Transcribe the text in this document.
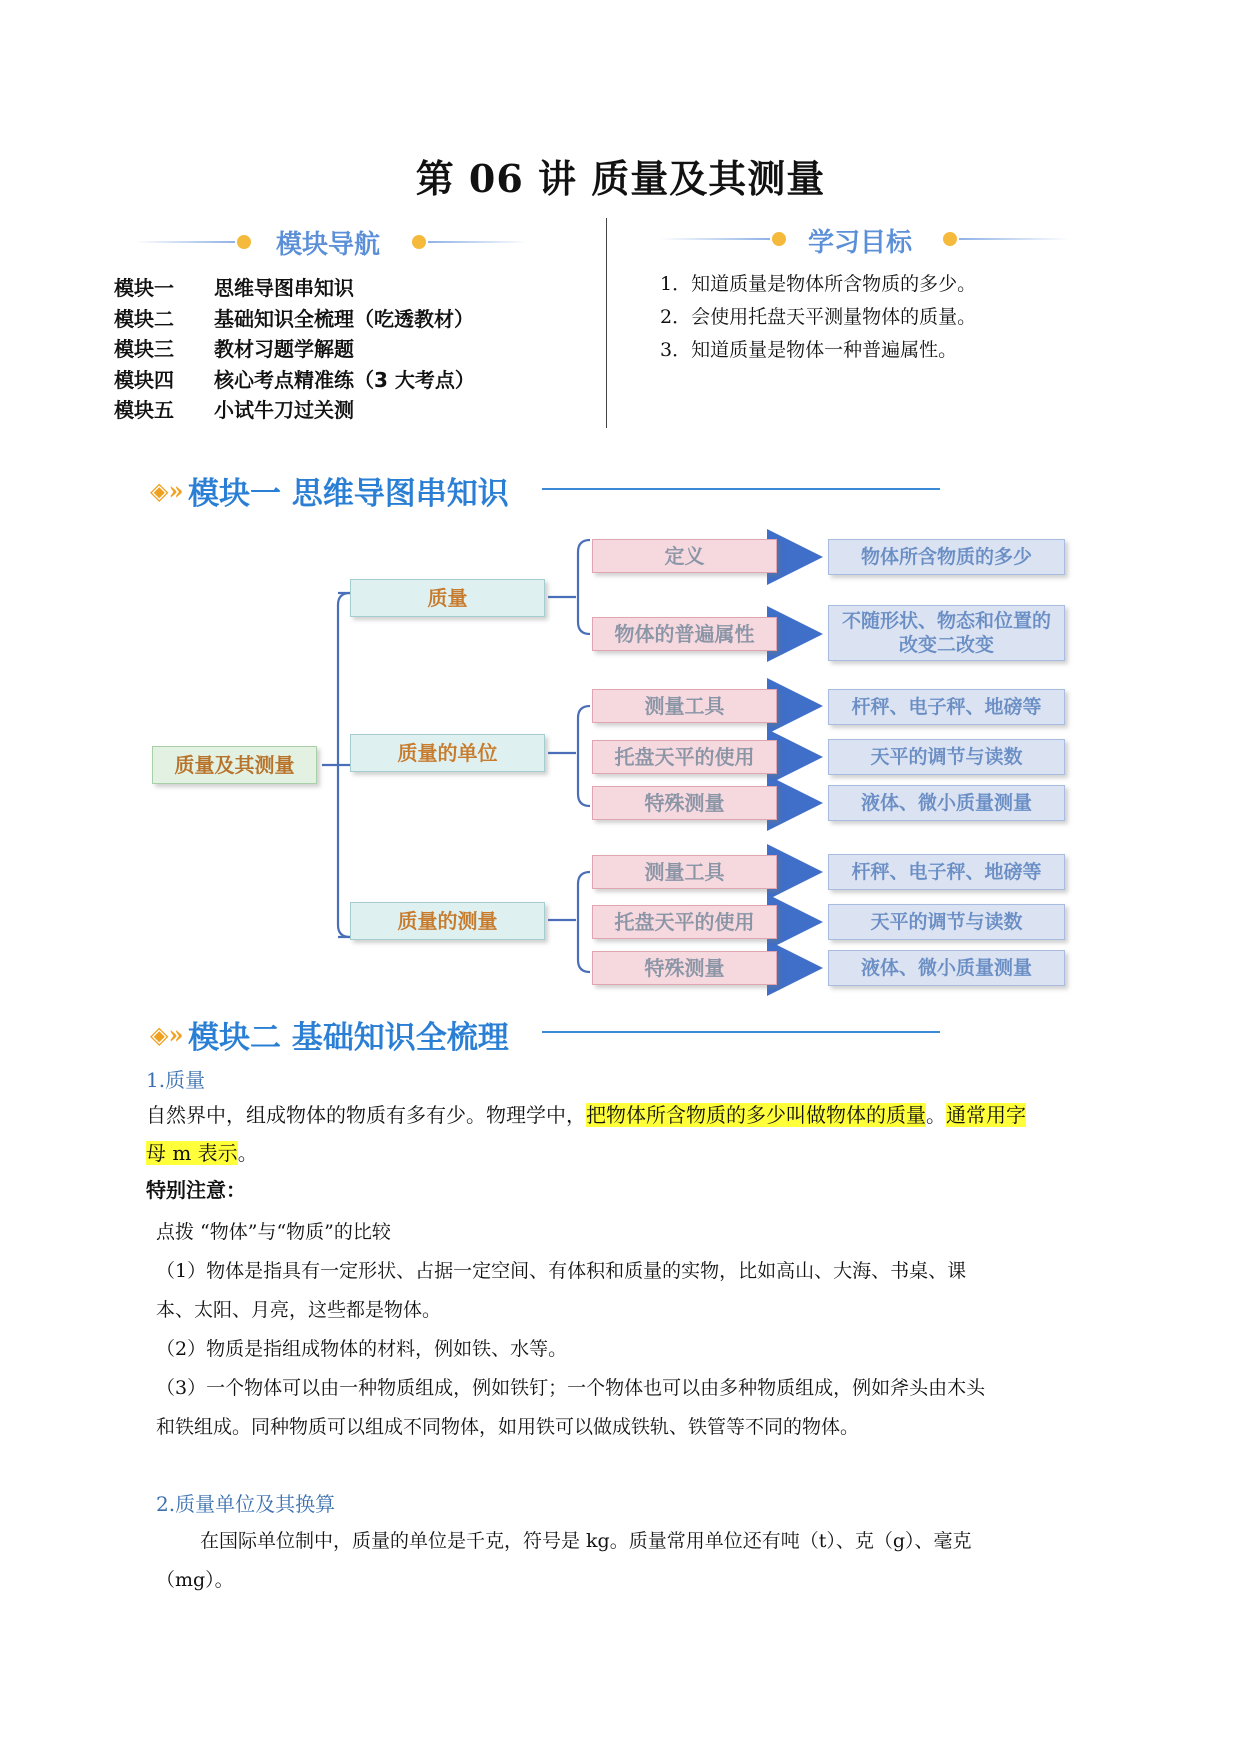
第 06 讲 质量及其测量
模块导航	学习目标
模块一 思维导图串知识
模块二 基础知识全梳理（吃透教材）
模块三 教材习题学解题
模块四 核心考点精准练（3 大考点）
模块五 小试牛刀过关测
1．知道质量是物体所含物质的多少。
2．会使用托盘天平测量物体的质量。
3．知道质量是物体一种普遍属性。
◈» 模块一 思维导图串知识
质量及其测量
质量
质量的单位
质量的测量
定义
物体的普遍属性
测量工具
托盘天平的使用
特殊测量
测量工具
托盘天平的使用
特殊测量
物体所含物质的多少
不随形状、物态和位置的改变二改变
杆秤、电子秤、地磅等
天平的调节与读数
液体、微小质量测量
杆秤、电子秤、地磅等
天平的调节与读数
液体、微小质量测量
◈» 模块二 基础知识全梳理
1.质量
自然界中，组成物体的物质有多有少。物理学中，把物体所含物质的多少叫做物体的质量。通常用字
母 m 表示。
特别注意：
点拨 “物体”与“物质”的比较
（1）物体是指具有一定形状、占据一定空间、有体积和质量的实物，比如高山、大海、书桌、课
本、太阳、月亮，这些都是物体。
（2）物质是指组成物体的材料，例如铁、水等。
（3）一个物体可以由一种物质组成，例如铁钉；一个物体也可以由多种物质组成，例如斧头由木头
和铁组成。同种物质可以组成不同物体，如用铁可以做成铁轨、铁管等不同的物体。
2.质量单位及其换算
在国际单位制中，质量的单位是千克，符号是 kg。质量常用单位还有吨（t）、克（g）、毫克
（mg）。
